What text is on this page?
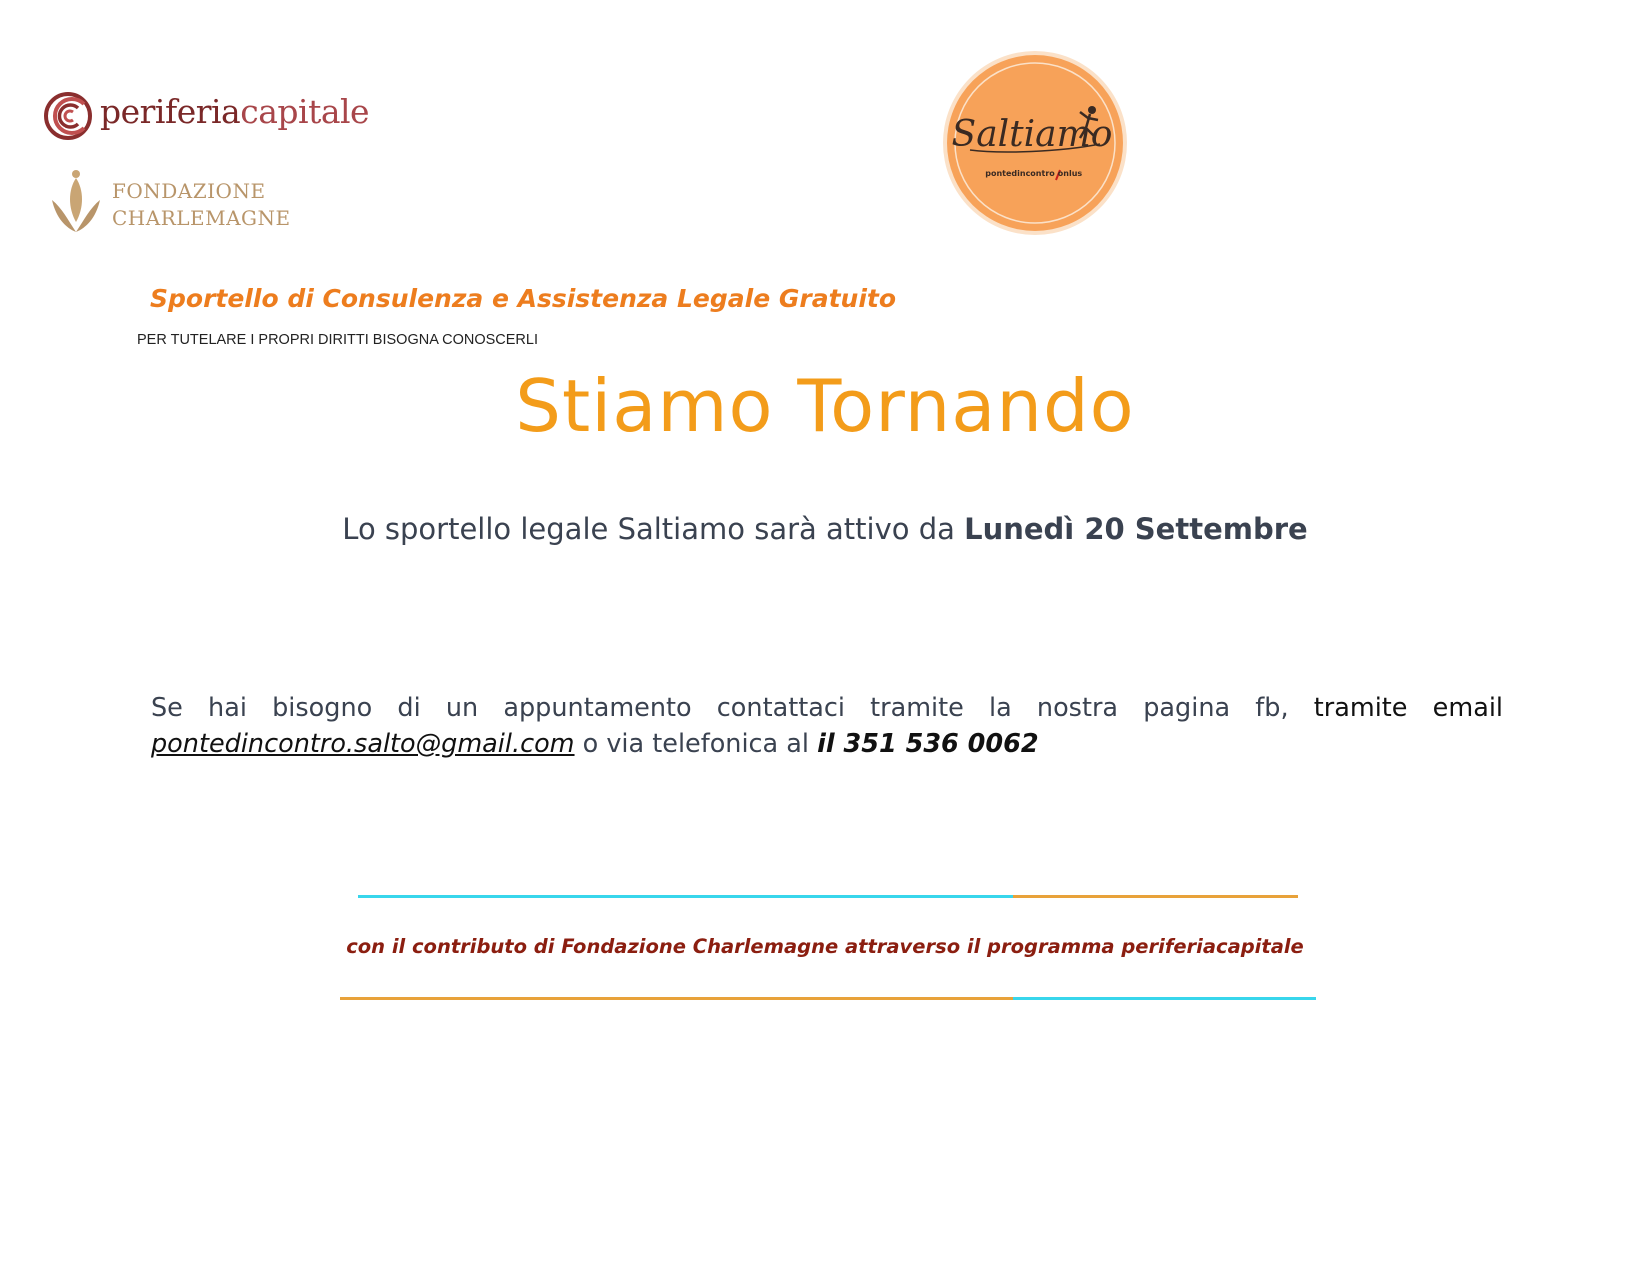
periferiacapitale
FONDAZIONE
CHARLEMAGNE
Saltiamo
pontedincontro onlus
Sportello di Consulenza e Assistenza Legale Gratuito
PER TUTELARE I PROPRI DIRITTI BISOGNA CONOSCERLI
Stiamo Tornando
Lo sportello legale Saltiamo sarà attivo da Lunedì 20 Settembre
Se hai bisogno di un appuntamento contattaci tramite la nostra pagina fb, tramite email pontedincontro.salto@gmail.com o via telefonica al il 351 536 0062
con il contributo di Fondazione Charlemagne attraverso il programma periferiacapitale
